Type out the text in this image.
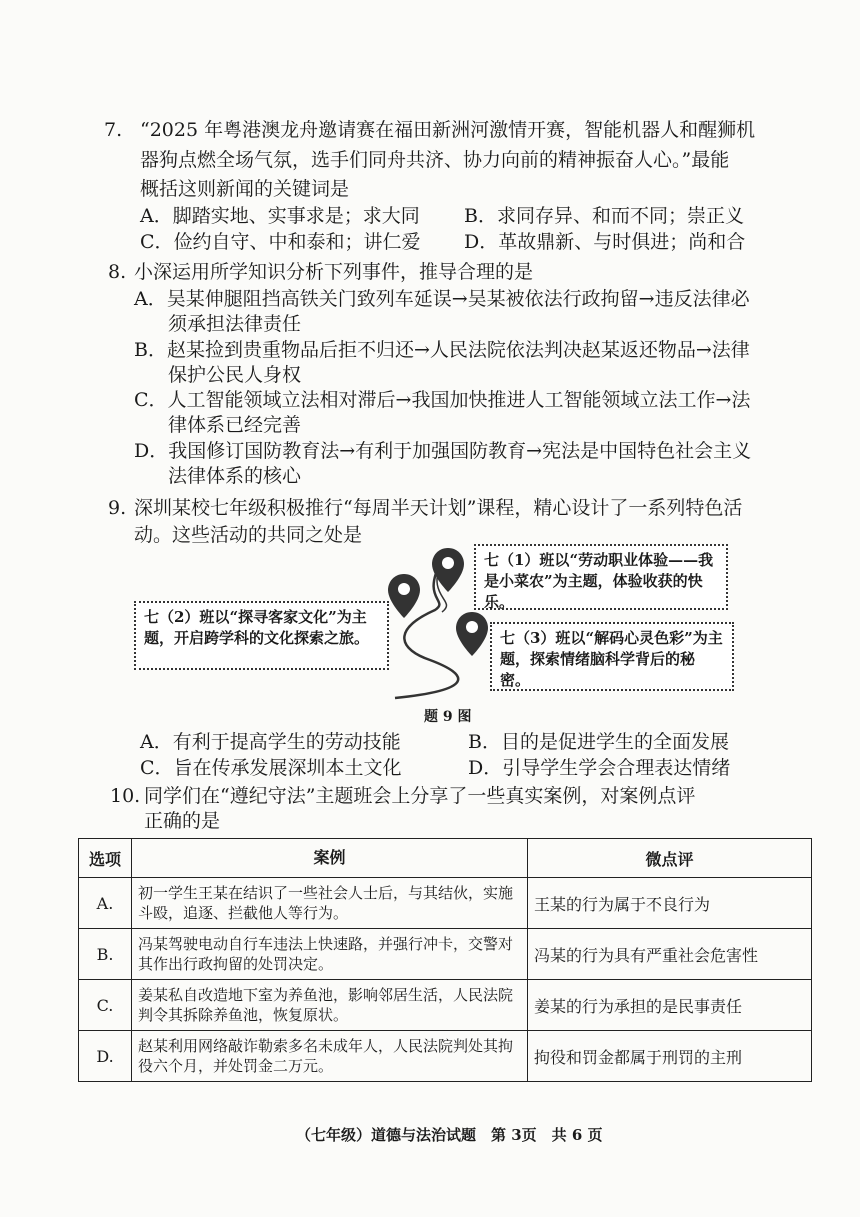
7. “2025 年粤港澳龙舟邀请赛在福田新洲河激情开赛，智能机器人和醒狮机
器狗点燃全场气氛，选手们同舟共济、协力向前的精神振奋人心。”最能
概括这则新闻的关键词是
A．脚踏实地、实事求是；求大同 B．求同存异、和而不同；崇正义
C．俭约自守、中和泰和；讲仁爱 D．革故鼎新、与时俱进；尚和合
8. 小深运用所学知识分析下列事件，推导合理的是
A．吴某伸腿阻挡高铁关门致列车延误→吴某被依法行政拘留→违反法律必
须承担法律责任
B．赵某捡到贵重物品后拒不归还→人民法院依法判决赵某返还物品→法律
保护公民人身权
C．人工智能领域立法相对滞后→我国加快推进人工智能领域立法工作→法
律体系已经完善
D．我国修订国防教育法→有利于加强国防教育→宪法是中国特色社会主义
法律体系的核心
9. 深圳某校七年级积极推行“每周半天计划”课程，精心设计了一系列特色活
动。这些活动的共同之处是
七（1）班以“劳动职业体验——我是小菜农”为主题，体验收获的快乐。
七（2）班以“探寻客家文化”为主题，开启跨学科的文化探索之旅。	七（3）班以“解码心灵色彩”为主题，探索情绪脑科学背后的秘密。
题 9 图
A．有利于提高学生的劳动技能	B．目的是促进学生的全面发展
C．旨在传承发展深圳本土文化	D．引导学生学会合理表达情绪
10. 同学们在“遵纪守法”主题班会上分享了一些真实案例，对案例点评
正确的是
选项	案例	微点评
A.	初一学生王某在结识了一些社会人士后，与其结伙，实施斗殴，追逐、拦截他人等行为。	王某的行为属于不良行为
B.	冯某驾驶电动自行车违法上快速路，并强行冲卡，交警对其作出行政拘留的处罚决定。	冯某的行为具有严重社会危害性
C.	姜某私自改造地下室为养鱼池，影响邻居生活，人民法院判令其拆除养鱼池，恢复原状。	姜某的行为承担的是民事责任
D.	赵某利用网络敲诈勒索多名未成年人，人民法院判处其拘役六个月，并处罚金二万元。	拘役和罚金都属于刑罚的主刑
（七年级）道德与法治试题　第 3页　共 6 页
